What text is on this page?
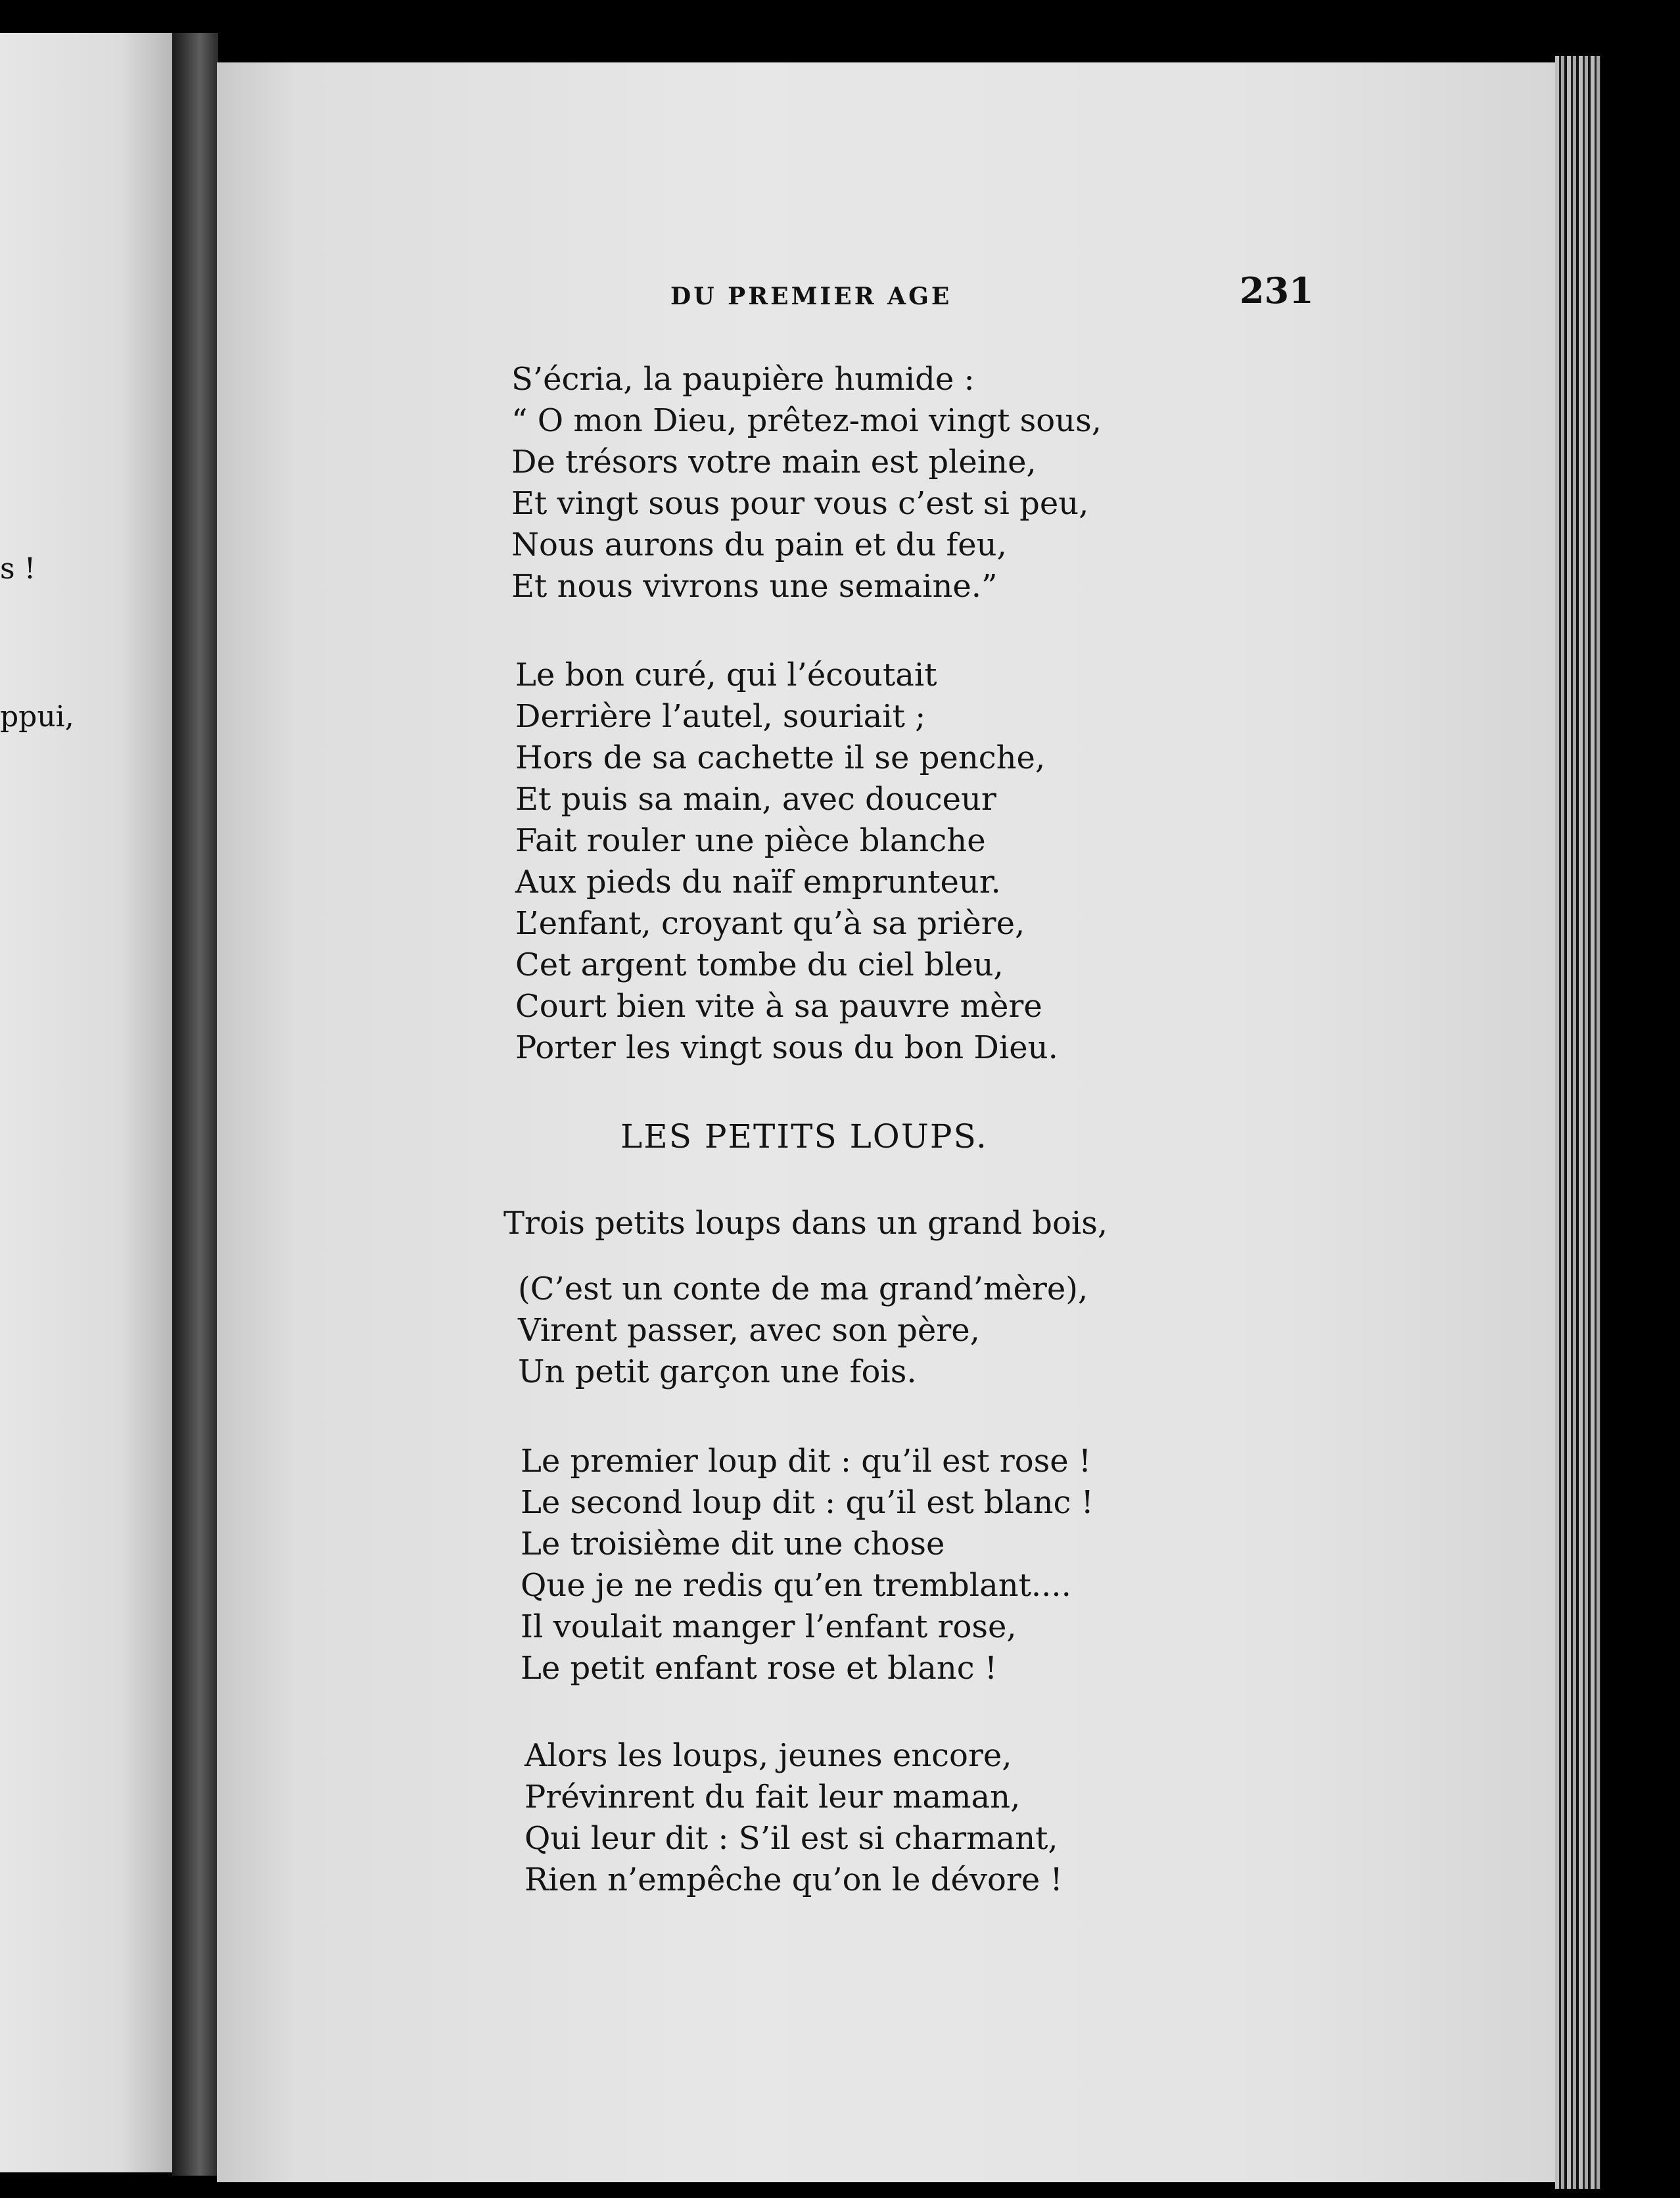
s !
ppui,
DU PREMIER AGE	231
S’écria, la paupière humide :
“ O mon Dieu, prêtez-moi vingt sous,
De trésors votre main est pleine,
Et vingt sous pour vous c’est si peu,
Nous aurons du pain et du feu,
Et nous vivrons une semaine.”
Le bon curé, qui l’écoutait
Derrière l’autel, souriait ;
Hors de sa cachette il se penche,
Et puis sa main, avec douceur
Fait rouler une pièce blanche
Aux pieds du naïf emprunteur.
L’enfant, croyant qu’à sa prière,
Cet argent tombe du ciel bleu,
Court bien vite à sa pauvre mère
Porter les vingt sous du bon Dieu.
LES PETITS LOUPS.
Trois petits loups dans un grand bois,
(C’est un conte de ma grand’mère),
Virent passer, avec son père,
Un petit garçon une fois.
Le premier loup dit : qu’il est rose !
Le second loup dit : qu’il est blanc !
Le troisième dit une chose
Que je ne redis qu’en tremblant....
Il voulait manger l’enfant rose,
Le petit enfant rose et blanc !
Alors les loups, jeunes encore,
Prévinrent du fait leur maman,
Qui leur dit : S’il est si charmant,
Rien n’empêche qu’on le dévore !
